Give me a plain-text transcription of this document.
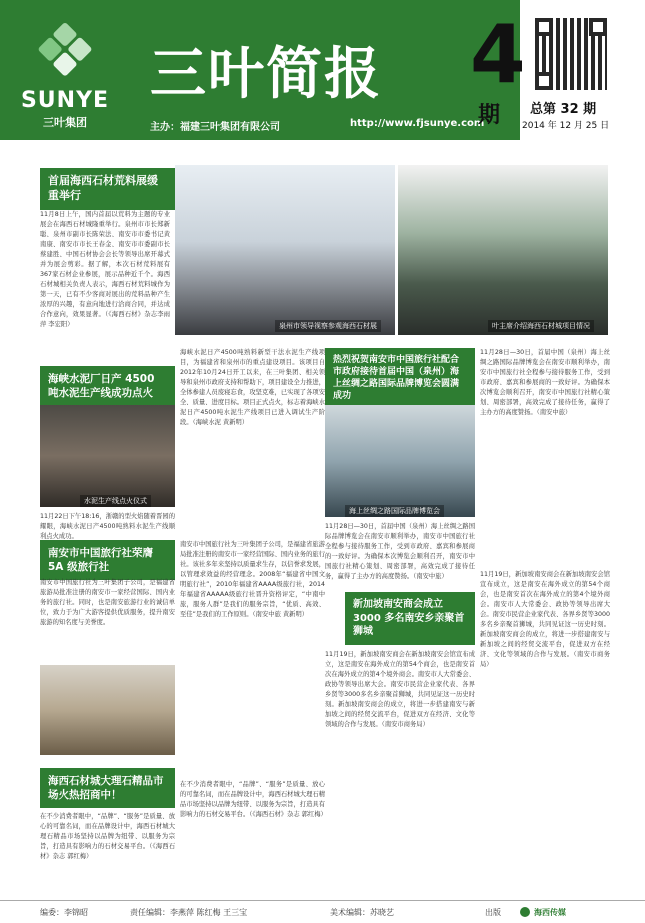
SUNYE
三叶集团
三叶简报
主办：福建三叶集团有限公司	http://www.fjsunye.com
4
期 总第 32 期
2014 年 12 月 25 日
首届海西石材荒料展缓重举行
11月8日上午，国内首届以荒料为主题的专业展会在海西石材城隆重举行。泉州市市长郑新聪、泉州市副市长陈荣法、南安市市委书记黄南康、南安市市长王春金、南安市市委副市长蔡建胜、中国石材协会会长等领导出席开幕式并为展会剪彩。据了解，本次石材荒料展有367家石材企业参展，展示品种近千个。海西石材城相关负责人表示，海西石材荒料城作为第一天，已有不少客商对展出的荒料品种产生浓厚的兴趣，有意向地进行洽商合同，并达成合作意向，效果显著。（《海西石材》杂志李雨萍 李宏阳）	泉州市领导视察参观海西石材展	叶主席介绍海西石材城项目情况
海峡水泥厂日产 4500 吨水泥生产线成功点火
水泥生产线点火仪式
11月22日下午18:16，浙赣的型火焰随着晋园的耀眼，海峡水泥日产4500吨熟料水泥生产线顺利点火成功。
海峡水泥日产4500吨熟料新型干法水泥生产线项目，为福建省和泉州市的重点建设项目。该项目自2012年10月24日开工以来，在三叶集团、相关领导和泉州市政府支持和帮助下，项目建设全力推进，全体参建人员废寝忘食，攻坚克难，已实现了各项安全、质量、进度目标。项目正式点火，标志着海峡水泥日产4500吨水泥生产线项目已进入调试生产阶段。（海峡水泥 黄新明）
南安市中国旅行社荣膺 5A 级旅行社
南安市中国旅行社为三叶集团子公司，是福建省旅游局批准注册的南安市一家经营国际、国内业务的旅行社。同时，也是南安旅游行业的诚信单位，致力于为广大游客提供优质服务，提升南安旅游的知名度与美誉度。
南安市中国旅行社为三叶集团子公司，是福建省旅游局批准注册的南安市一家经营国际、国内业务的旅行社。该社多年来坚持以质量求生存，以信誉求发展，以管理求效益的经营理念。2008年“福建省中国文明旅行社”，2010年福建省AAAA级旅行社，2014年福建省AAAAA级旅行社晋升资格评定，“中南中旅，服务人群”是我们的服务宗旨，“优质、高效、至佳”是我们的工作原则。（南安中旅 黄新明）
海西石材城大理石精品市场火热招商中！
在不少消费者眼中，“品牌”、“服务”是质量、放心的可靠名词，而在品牌设计中，海西石材城大理石精品市场坚持以品牌为纽带、以服务为宗旨，打造具有影响力的石材交易平台。（《海西石材》杂志 郭红梅）
在不少消费者眼中，“品牌”、“服务”是质量、放心的可靠名词，而在品牌设计中，海西石材城大理石精品市场坚持以品牌为纽带、以服务为宗旨，打造具有影响力的石材交易平台。（《海西石材》杂志 郭红梅）
热烈祝贺南安市中国旅行社配合市政府接待首届中国（泉州）海上丝绸之路国际品牌博览会圆满成功
海上丝绸之路国际品牌博览会
11月28日—30日，首届中国（泉州）海上丝绸之路国际品牌博览会在南安市顺利举办，南安市中国旅行社全程参与接待服务工作，受到市政府、嘉宾和参展商的一致好评。为确保本次博览会顺利召开，南安市中国旅行社精心策划、周密部署，高效完成了接待任务，赢得了主办方的高度赞扬。（南安中旅）
11月28日—30日，首届中国（泉州）海上丝绸之路国际品牌博览会在南安市顺利举办，南安市中国旅行社全程参与接待服务工作，受到市政府、嘉宾和参展商的一致好评。为确保本次博览会顺利召开，南安市中国旅行社精心策划、周密部署，高效完成了接待任务，赢得了主办方的高度赞扬。（南安中旅）
新加坡南安商会成立3000 多名南安乡亲聚首狮城
11月19日，新加坡南安商会在新加坡南安会馆宣布成立，这是南安在海外成立的第54个商会，也是南安首次在海外成立的第4个境外商会。南安市人大常委会、政协等领导出席大会。南安市民营企业家代表、各界乡贤等3000多名乡亲聚首狮城，共同见证这一历史时刻。新加坡南安商会的成立，将进一步搭建南安与新加坡之间的经贸交流平台，促进双方在经济、文化等领域的合作与发展。（南安市商务局）
11月19日，新加坡南安商会在新加坡南安会馆宣布成立，这是南安在海外成立的第54个商会，也是南安首次在海外成立的第4个境外商会。南安市人大常委会、政协等领导出席大会。南安市民营企业家代表、各界乡贤等3000多名乡亲聚首狮城，共同见证这一历史时刻。新加坡南安商会的成立，将进一步搭建南安与新加坡之间的经贸交流平台，促进双方在经济、文化等领域的合作与发展。（南安市商务局）
编委：李锦昭	责任编辑：李燕萍 陈红梅 王三宝	美术编辑：苏晓艺	出版	海西传媒
